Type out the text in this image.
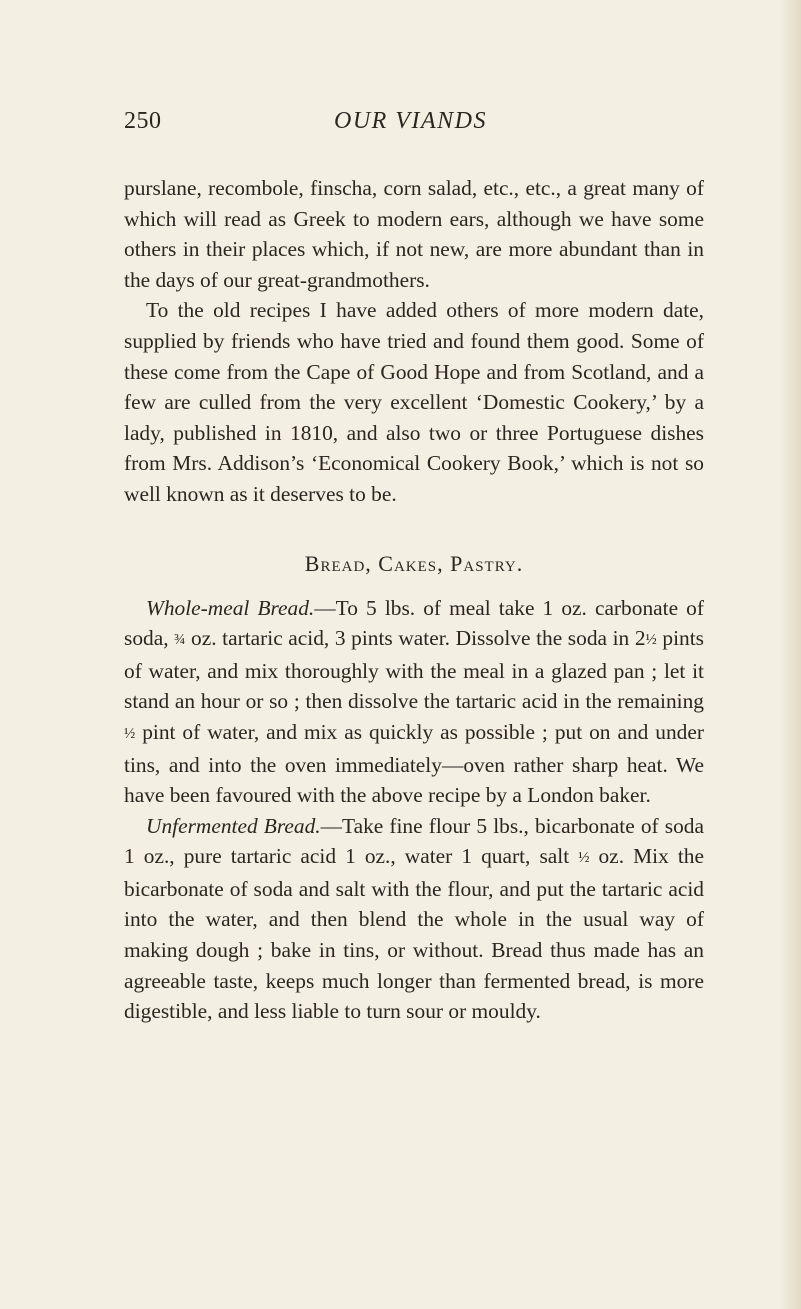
250	OUR VIANDS

purslane, recombole, finscha, corn salad, etc., etc., a great many of which will read as Greek to modern ears, although we have some others in their places which, if not new, are more abundant than in the days of our great-grandmothers.

To the old recipes I have added others of more modern date, supplied by friends who have tried and found them good. Some of these come from the Cape of Good Hope and from Scotland, and a few are culled from the very excellent ‘Domestic Cookery,’ by a lady, published in 1810, and also two or three Portuguese dishes from Mrs. Addison’s ‘Economical Cookery Book,’ which is not so well known as it deserves to be.

Bread, Cakes, Pastry.

Whole-meal Bread.—To 5 lbs. of meal take 1 oz. carbonate of soda, ¾ oz. tartaric acid, 3 pints water. Dissolve the soda in 2½ pints of water, and mix thoroughly with the meal in a glazed pan ; let it stand an hour or so ; then dissolve the tartaric acid in the remaining ½ pint of water, and mix as quickly as possible ; put on and under tins, and into the oven immediately—oven rather sharp heat. We have been favoured with the above recipe by a London baker.

Unfermented Bread.—Take fine flour 5 lbs., bicarbonate of soda 1 oz., pure tartaric acid 1 oz., water 1 quart, salt ½ oz. Mix the bicarbonate of soda and salt with the flour, and put the tartaric acid into the water, and then blend the whole in the usual way of making dough ; bake in tins, or without. Bread thus made has an agreeable taste, keeps much longer than fermented bread, is more digestible, and less liable to turn sour or mouldy.
